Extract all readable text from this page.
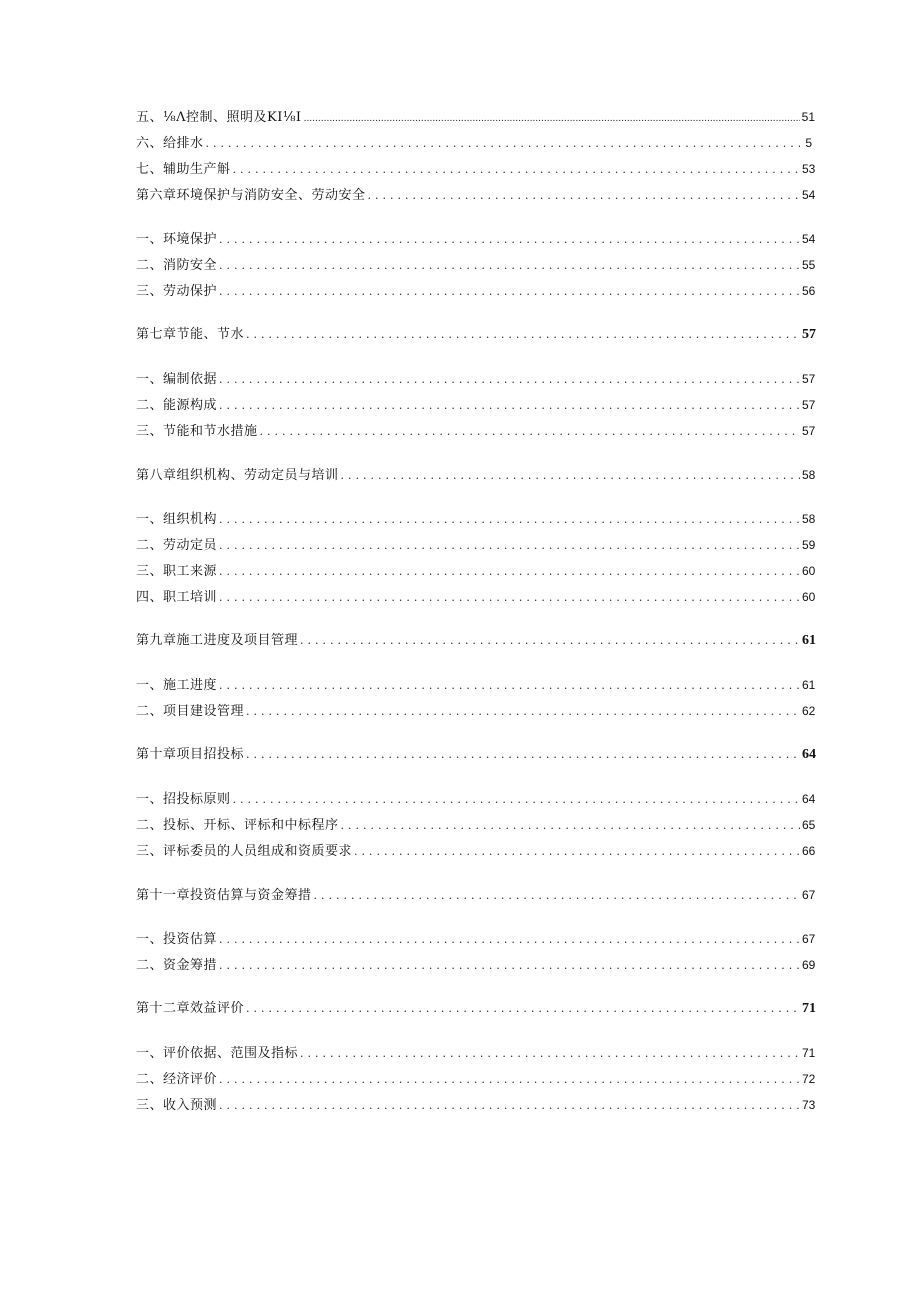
五、⅛Λ控制、照明及KI⅛I .....	51
六、给排水 .....	5
七、辅助生产斛 .....	53
第六章环境保护与消防安全、劳动安全 .....	54
一、环境保护 .....	54
二、消防安全 .....	55
三、劳动保护 .....	56
第七章节能、节水 .....	57
一、编制依据 .....	57
二、能源构成 .....	57
三、节能和节水措施 .....	57
第八章组织机构、劳动定员与培训 .....	58
一、组织机构 .....	58
二、劳动定员 .....	59
三、职工来源 .....	60
四、职工培训 .....	60
第九章施工进度及项目管理 .....	61
一、施工进度 .....	61
二、项目建设管理 .....	62
第十章项目招投标 .....	64
一、招投标原则 .....	64
二、投标、开标、评标和中标程序 .....	65
三、评标委员的人员组成和资质要求 .....	66
第十一章投资估算与资金筹措 .....	67
一、投资估算 .....	67
二、资金筹措 .....	69
第十二章效益评价 .....	71
一、评价依据、范围及指标 .....	71
二、经济评价 .....	72
三、收入预测 .....	73
